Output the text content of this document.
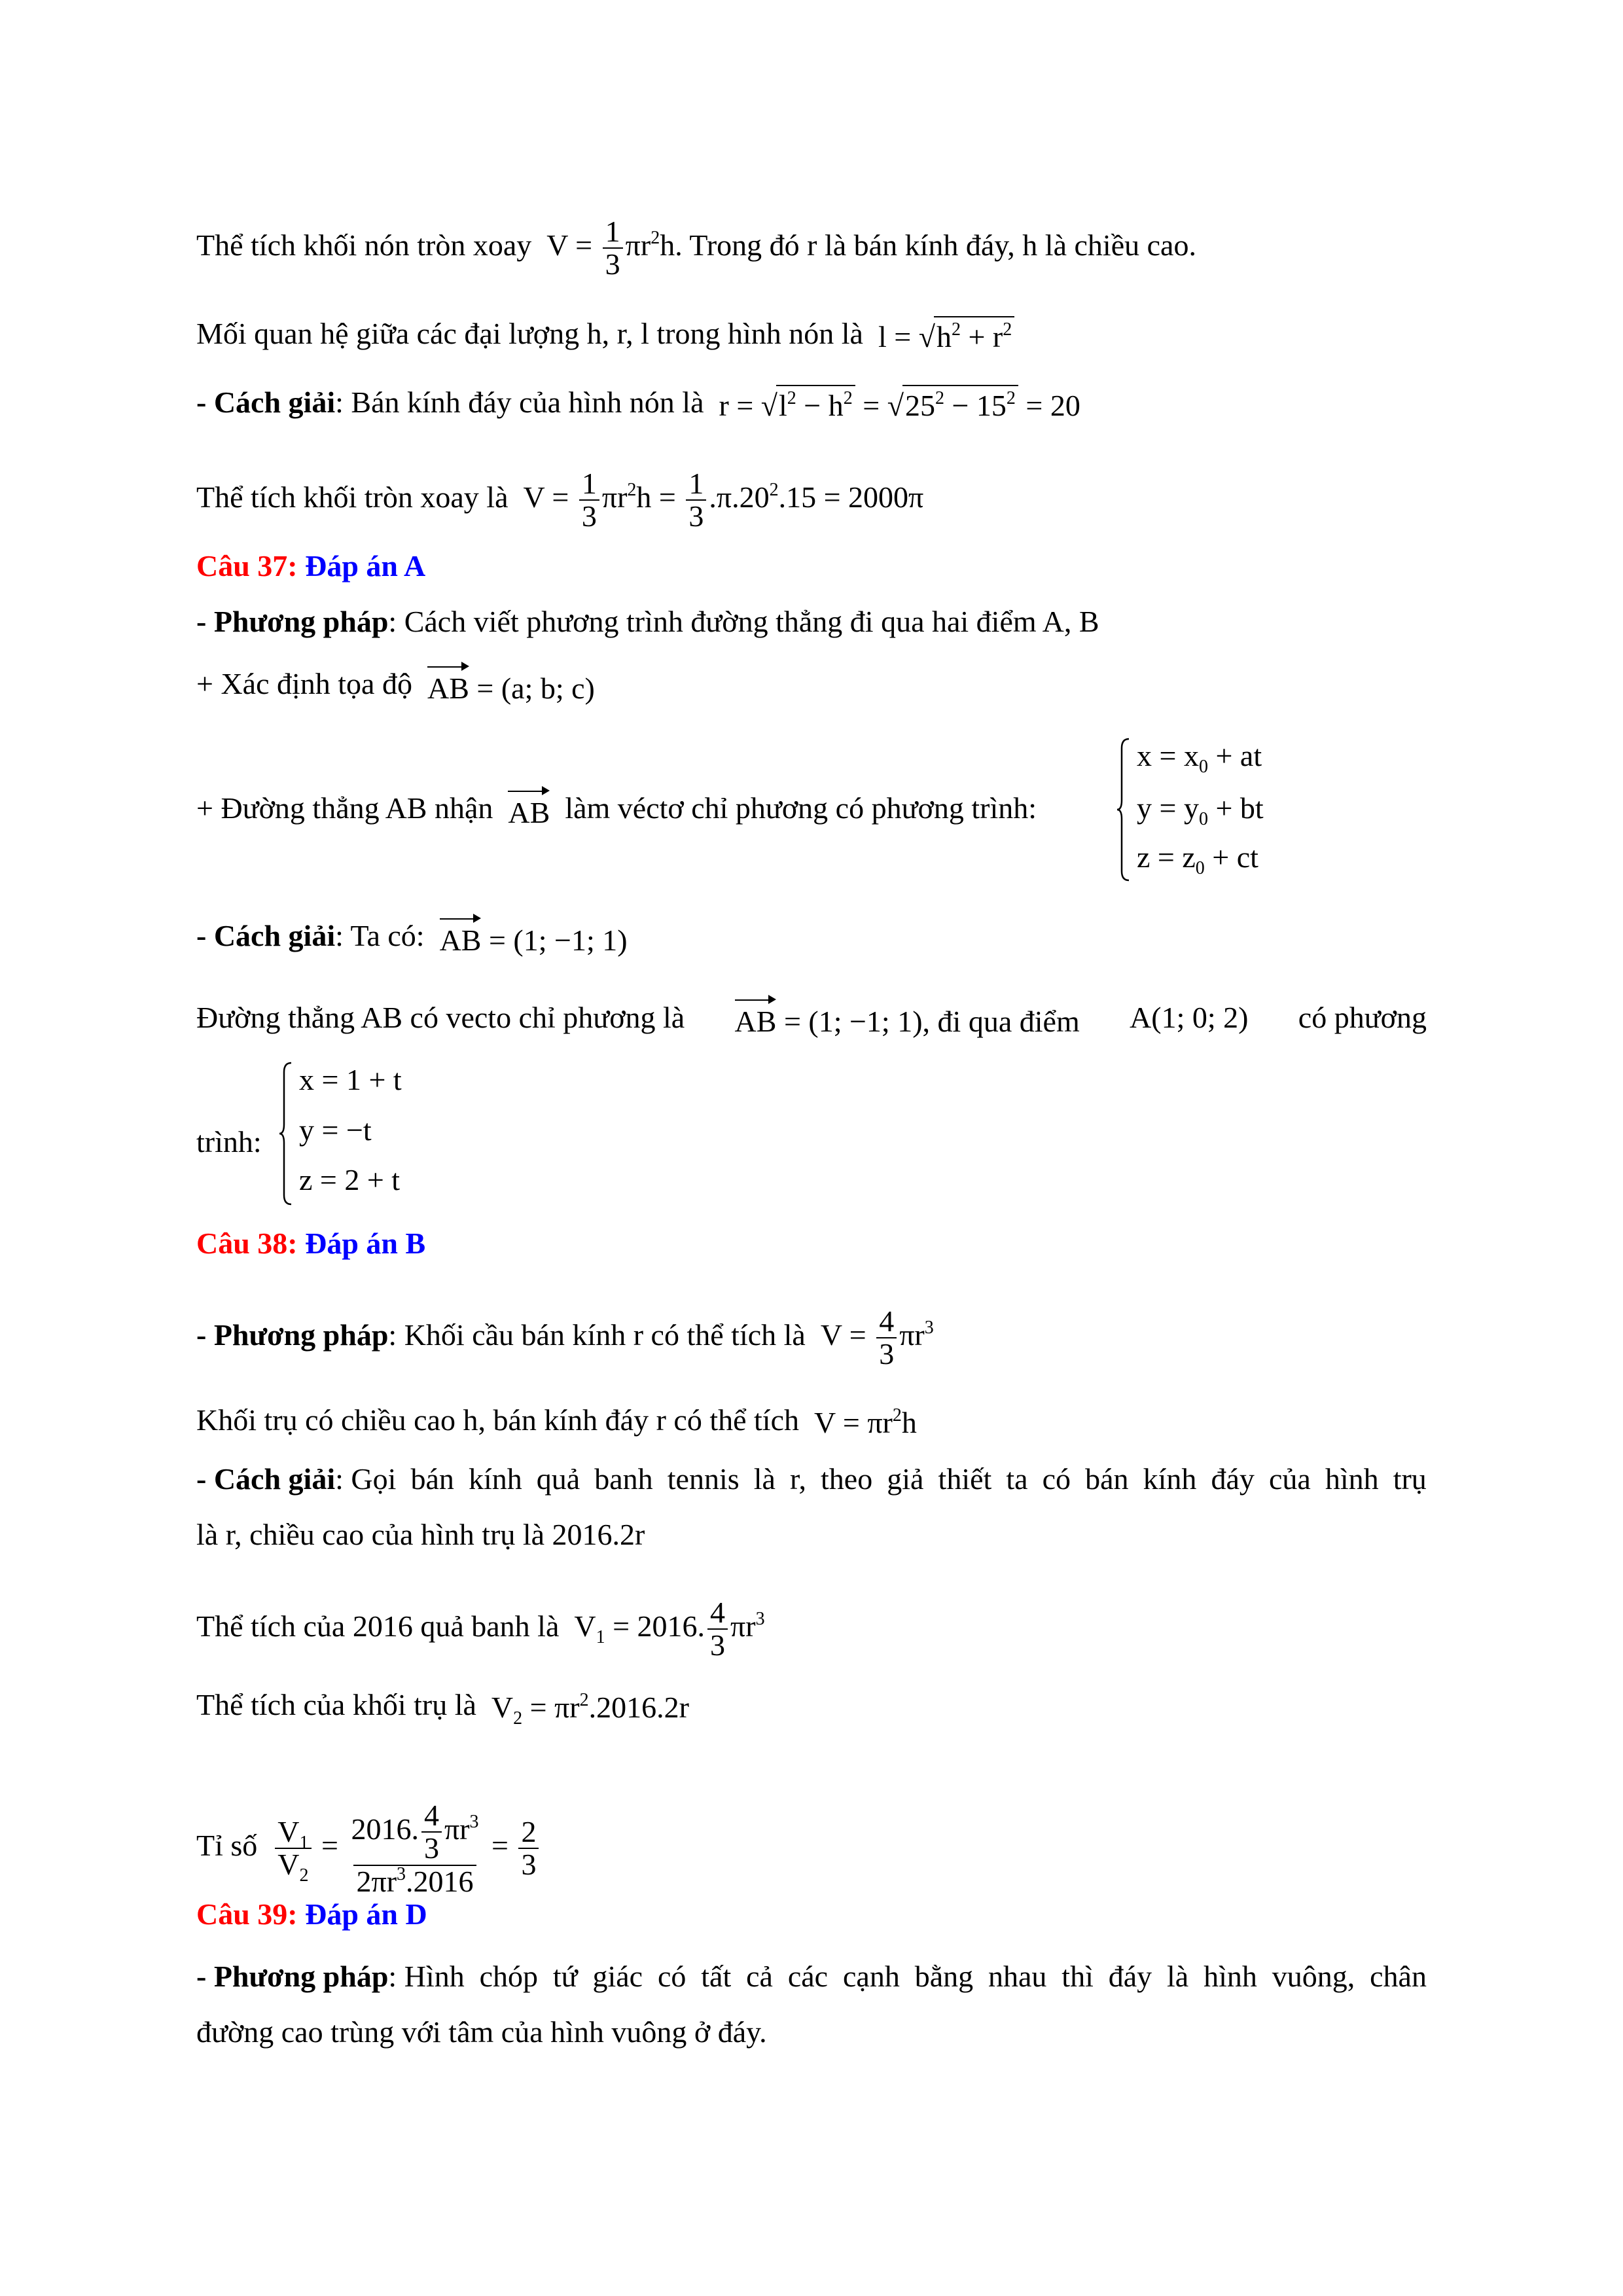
Thể tích khối nón tròn xoay  $V = \frac{1}{3} \pi r^2h$. Trong đó r là bán kính đáy, h là chiều cao.
Mối quan hệ giữa các đại lượng h, r, l trong hình nón là  $l = √h^2 + r^2$
- Cách giải: Bán kính đáy của hình nón là  $r = √l^2 - h^2 = √25^2 - 15^2 = 20$
Thể tích khối tròn xoay là  $V = \frac{1}{3} \pi r^2h = \frac{1}{3} .\pi.20^2.15 = 2000\pi$
Câu 37: Đáp án A
- Phương pháp: Cách viết phương trình đường thẳng đi qua hai điểm A, B
+ Xác định tọa độ AB = (a; b; c)
+ Đường thẳng AB nhận AB làm véctơ chỉ phương có phương trình:
$x = x_0$ + at
$y = y_0$ + bt
$z = z_0$ + ct
- Cách giải: Ta có: AB = (1; −1; 1)
Đường thẳng AB có vecto chỉ phương là AB = (1; −1; 1), đi qua điểm A(1; 0; 2) có phương
trình:
x = 1 + t
y = −t
z = 2 + t
Câu 38: Đáp án B
- Phương pháp: Khối cầu bán kính r có thể tích là  $V = \frac{4}{3} \pi r^3$
Khối trụ có chiều cao h, bán kính đáy r có thể tích  $V = \pi r^2h$
- Cách giải: Gọi bán kính quả banh tennis là r, theo giả thiết ta có bán kính đáy của hình trụ
là r, chiều cao của hình trụ là 2016.2r
Thể tích của 2016 quả banh là  $V_1 = 2016$. $\frac{4}{3} \pi r^3$
Thể tích của khối trụ là  $V_2 = \pi r^2.2016.2r$
Tỉ số $\frac{V_1}{V_2} = \frac{2016. \frac{4}{3} \pi r^3}{2\pi r^3.2016} = \frac{2}{3}$
Câu 39: Đáp án D
- Phương pháp: Hình chóp tứ giác có tất cả các cạnh bằng nhau thì đáy là hình vuông, chân
đường cao trùng với tâm của hình vuông ở đáy.
